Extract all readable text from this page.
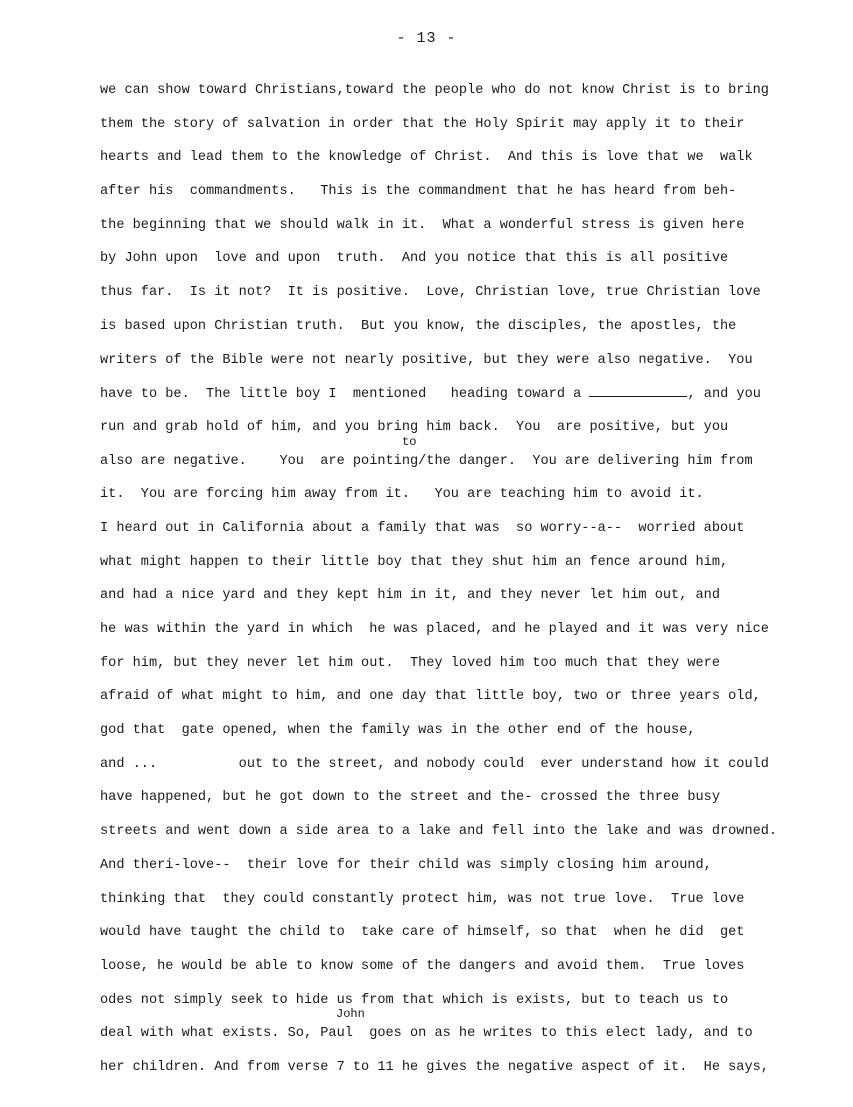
- 13 -
we can show toward Christians,toward the people who do not know Christ is to bring
them the story of salvation in order that the Holy Spirit may apply it to their
hearts and lead them to the knowledge of Christ.  And this is love that we  walk
after his  commandments.   This is the commandment that he has heard from beh-
the beginning that we should walk in it.  What a wonderful stress is given here
by John upon  love and upon  truth.  And you notice that this is all positive
thus far.  Is it not?  It is positive.  Love, Christian love, true Christian love
is based upon Christian truth.  But you know, the disciples, the apostles, the
writers of the Bible were not nearly positive, but they were also negative.  You
have to be.  The little boy I  mentioned   heading toward a	, and you
run and grab hold of him, and you bring him back.  You  are positive, but you
to
also are negative.    You  are pointing/the danger.  You are delivering him from
it.  You are forcing him away from it.   You are teaching him to avoid it.
I heard out in California about a family that was  so worry--a--  worried about
what might happen to their little boy that they shut him an fence around him,
and had a nice yard and they kept him in it, and they never let him out, and
he was within the yard in which  he was placed, and he played and it was very nice
for him, but they never let him out.  They loved him too much that they were
afraid of what might to him, and one day that little boy, two or three years old,
god that  gate opened, when the family was in the other end of the house,
and ...          out to the street, and nobody could  ever understand how it could
have happened, but he got down to the street and the- crossed the three busy
streets and went down a side area to a lake and fell into the lake and was drowned.
And theri-love--  their love for their child was simply closing him around,
thinking that  they could constantly protect him, was not true love.  True love
would have taught the child to  take care of himself, so that  when he did  get
loose, he would be able to know some of the dangers and avoid them.  True loves
odes not simply seek to hide us from that which is exists, but to teach us to
John
deal with what exists. So, Paul  goes on as he writes to this elect lady, and to
her children. And from verse 7 to 11 he gives the negative aspect of it.  He says,
